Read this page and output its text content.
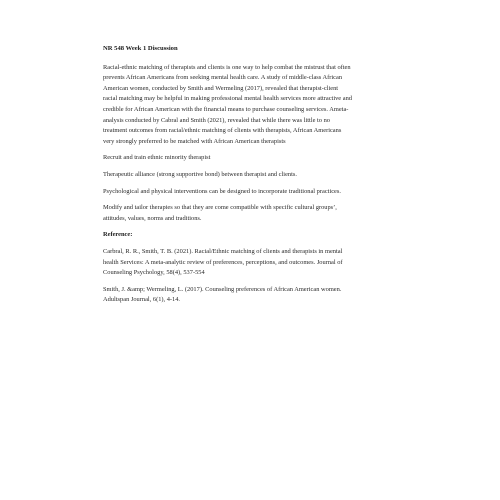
NR 548 Week 1 Discussion
Racial-ethnic matching of therapists and clients is one way to help combat the mistrust that often
prevents African Americans from seeking mental health care. A study of middle-class African
American women, conducted by Smith and Wermeling (2017), revealed that therapist-client
racial matching may be helpful in making professional mental health services more attractive and
credible for African American with the financial means to purchase counseling services. Ameta-
analysis conducted by Cabral and Smith (2021), revealed that while there was little to no
treatment outcomes from racial/ethnic matching of clients with therapists, African Americans
very strongly preferred to be matched with African American therapists
Recruit and train ethnic minority therapist
Therapeutic alliance (strong supportive bond) between therapist and clients.
Psychological and physical interventions can be designed to incorporate traditional practices.
Modify and tailor therapies so that they are come compatible with specific cultural groups’,
attitudes, values, norms and traditions.
Reference:
Carbral, R. R., Smith, T. B. (2021). Racial/Ethnic matching of clients and therapists in mental
health Services: A meta-analytic review of preferences, perceptions, and outcomes. Journal of
Counseling Psychology, 58(4), 537-554
Smith, J. &amp; Wermeling, L. (2017). Counseling preferences of African American women.
Adultspan Journal, 6(1), 4-14.
